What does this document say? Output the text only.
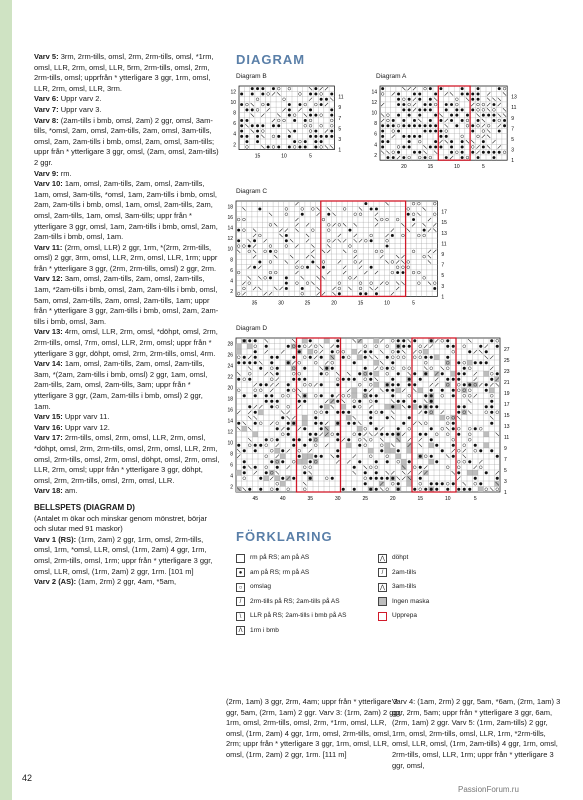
Varv 5: 3rm, 2rm-tills, omsl, 2rm, 2rm-tills, omsl, *1rm, omsl, LLR, 2rm, omsl, LLR, 5rm, 2rm-tills, omsl, 2rm, 2rm-tills, omsl; upprfrån * ytterligare 3 ggr, 1rm, omsl, LLR, 2rm, omsl, LLR, 3rm.

Varv 6: Uppr varv 2.

Varv 7: Uppr varv 3.

Varv 8: (2am-tills i bmb, omsl, 2am) 2 ggr, omsl, 3am-tills, *omsl, 2am, omsl, 2am-tills, 2am, omsl, 3am-tills, omsl, 2am, 2am-tills i bmb, omsl, 2am, omsl, 3am-tills; uppr från * ytterligare 3 ggr, omsl, (2am, omsl, 2am-tills) 2 ggr.

Varv 9: rm.

Varv 10: 1am, omsl, 2am-tills, 2am, omsl, 2am-tills, 1am, omsl, 3am-tills, *omsl, 1am, 2am-tills i bmb, omsl, 2am, 2am-tills i bmb, omsl, 1am, omsl, 2am-tills, 2am, omsl, 2am-tills, 1am, omsl, 3am-tills; uppr från * ytterligare 3 ggr, omsl, 1am, 2am-tills i bmb, omsl, 2am, 2am-tills i bmb, omsl, 1am.

Varv 11: (2rm, omsl, LLR) 2 ggr, 1rm, *(2rm, 2rm-tills, omsl) 2 ggr, 3rm, omsl, LLR, 2rm, omsl, LLR, 1rm; uppr från * ytterligare 3 ggr, (2rm, 2rm-tills, omsl) 2 ggr, 2rm.

Varv 12: 3am, omsl, 2am-tills, 2am, omsl, 2am-tills, 1am, *2am-tills i bmb, omsl, 2am, 2am-tills i bmb, omsl, 5am, omsl, 2am-tills, 2am, omsl, 2am-tills, 1am; uppr från * ytterligare 3 ggr, 2am-tills i bmb, omsl, 2am, 2am-tills i bmb, omsl, 3am.

Varv 13: 4rm, omsl, LLR, 2rm, omsl, *döhpt, omsl, 2rm, 2rm-tills, omsl, 7rm, omsl, LLR, 2rm, omsl; uppr från * ytterligare 3 ggr, döhpt, omsl, 2rm, 2rm-tills, omsl, 4rm.

Varv 14: 1am, omsl, 2am-tills, 2am, omsl, 2am-tills, 3am, *(2am, 2am-tills i bmb, omsl) 2 ggr, 1am, omsl, 2am-tills, 2am, omsl, 2am-tills, 3am; uppr från * ytterligare 3 ggr, (2am, 2am-tills i bmb, omsl) 2 ggr, 1am.

Varv 15: Uppr varv 11.

Varv 16: Uppr varv 12.

Varv 17: 2rm-tills, omsl, 2rm, omsl, LLR, 2rm, omsl, *döhpt, omsl, 2rm, 2rm-tills, omsl, 2rm, omsl, LLR, 2rm, omsl, 2rm-tills, omsl, 2rm, omsl, döhpt, omsl, 2rm, omsl, LLR, 2rm, omsl; uppr från * ytterligare 3 ggr, döhpt, omsl, 2rm, 2rm-tills, omsl, 2rm, omsl, LLR.

Varv 18: am.

BELLSPETS (DIAGRAM D)

(Antalet m ökar och minskar genom mönstret, börjar och slutar med 91 maskor)

Varv 1 (RS): (1rm, 2am) 2 ggr, 1rm, omsl, 2rm-tills, omsl, 1rm, *omsl, LLR, omsl, (1rm, 2am) 4 ggr, 1rm, omsl, 2rm-tills, omsl, 1rm; uppr från * ytterligare 3 ggr, omsl, LLR, omsl, (1rm, 2am) 2 ggr, 1rm. [101 m]

Varv 2 (AS): (1am, 2rm) 2 ggr, 4am, *5am,

DIAGRAM
Diagram B	Diagram A
Diagram C
Diagram D
12
10
8
6
4
2
11
9
7
5
3
1
15	10	5
14
12
10
8
6
4
2
13
11
9
7
5
3
1
20	15	10	5
18
16
14
12
10
8
6
4
2
17
15
13
11
9
7
5
3
1
35	30	25	20	15	10	5
28
26
24
22
20
18
16
14
12
10
8
6
4
2
27
25
23
21
19
17
15
13
11
9
7
5
3
1
45	40	35	30	25	20	15	10	5
FÖRKLARING
rm på RS; am på AS
●	am på RS; rm på AS
○	omslag
/	2rm-tills på RS; 2am-tills på AS
\	LLR på RS; 2am-tills i bmb på AS
ᐱ	1rm i bmb
⋀	döhpt
/	2am-tills
⋀	3am-tills
Ingen maska
Upprepa

(2rm, 1am) 3 ggr, 2rm, 4am; uppr från * ytterligare 3 ggr, 5am, (2rm, 1am) 2 ggr. Varv 3: (1rm, 2am) 2 ggr, 1rm, omsl, 2rm-tills, omsl, 2rm, *1rm, omsl, LLR, omsl, (1rm, 2am) 4 ggr, 1rm, omsl, 2rm-tills, omsl, 2rm; uppr från * ytterligare 3 ggr, 1rm, omsl, LLR, omsl, (1rm, 2am) 2 ggr, 1rm. [111 m]

Varv 4: (1am, 2rm) 2 ggr, 5am, *6am, (2rm, 1am) 3 ggr, 2rm, 5am; uppr från * ytterligare 3 ggr, 6am, (2rm, 1am) 2 ggr. Varv 5: (1rm, 2am-tills) 2 ggr, 1rm, omsl, 2rm-tills, omsl, LLR, 1rm, *2rm-tills, omsl, LLR, omsl, (1rm, 2am-tills) 4 ggr, 1rm, omsl, 2rm-tills, omsl, LLR, 1rm; uppr från * ytterligare 3 ggr, omsl,

42
PassionForum.ru
